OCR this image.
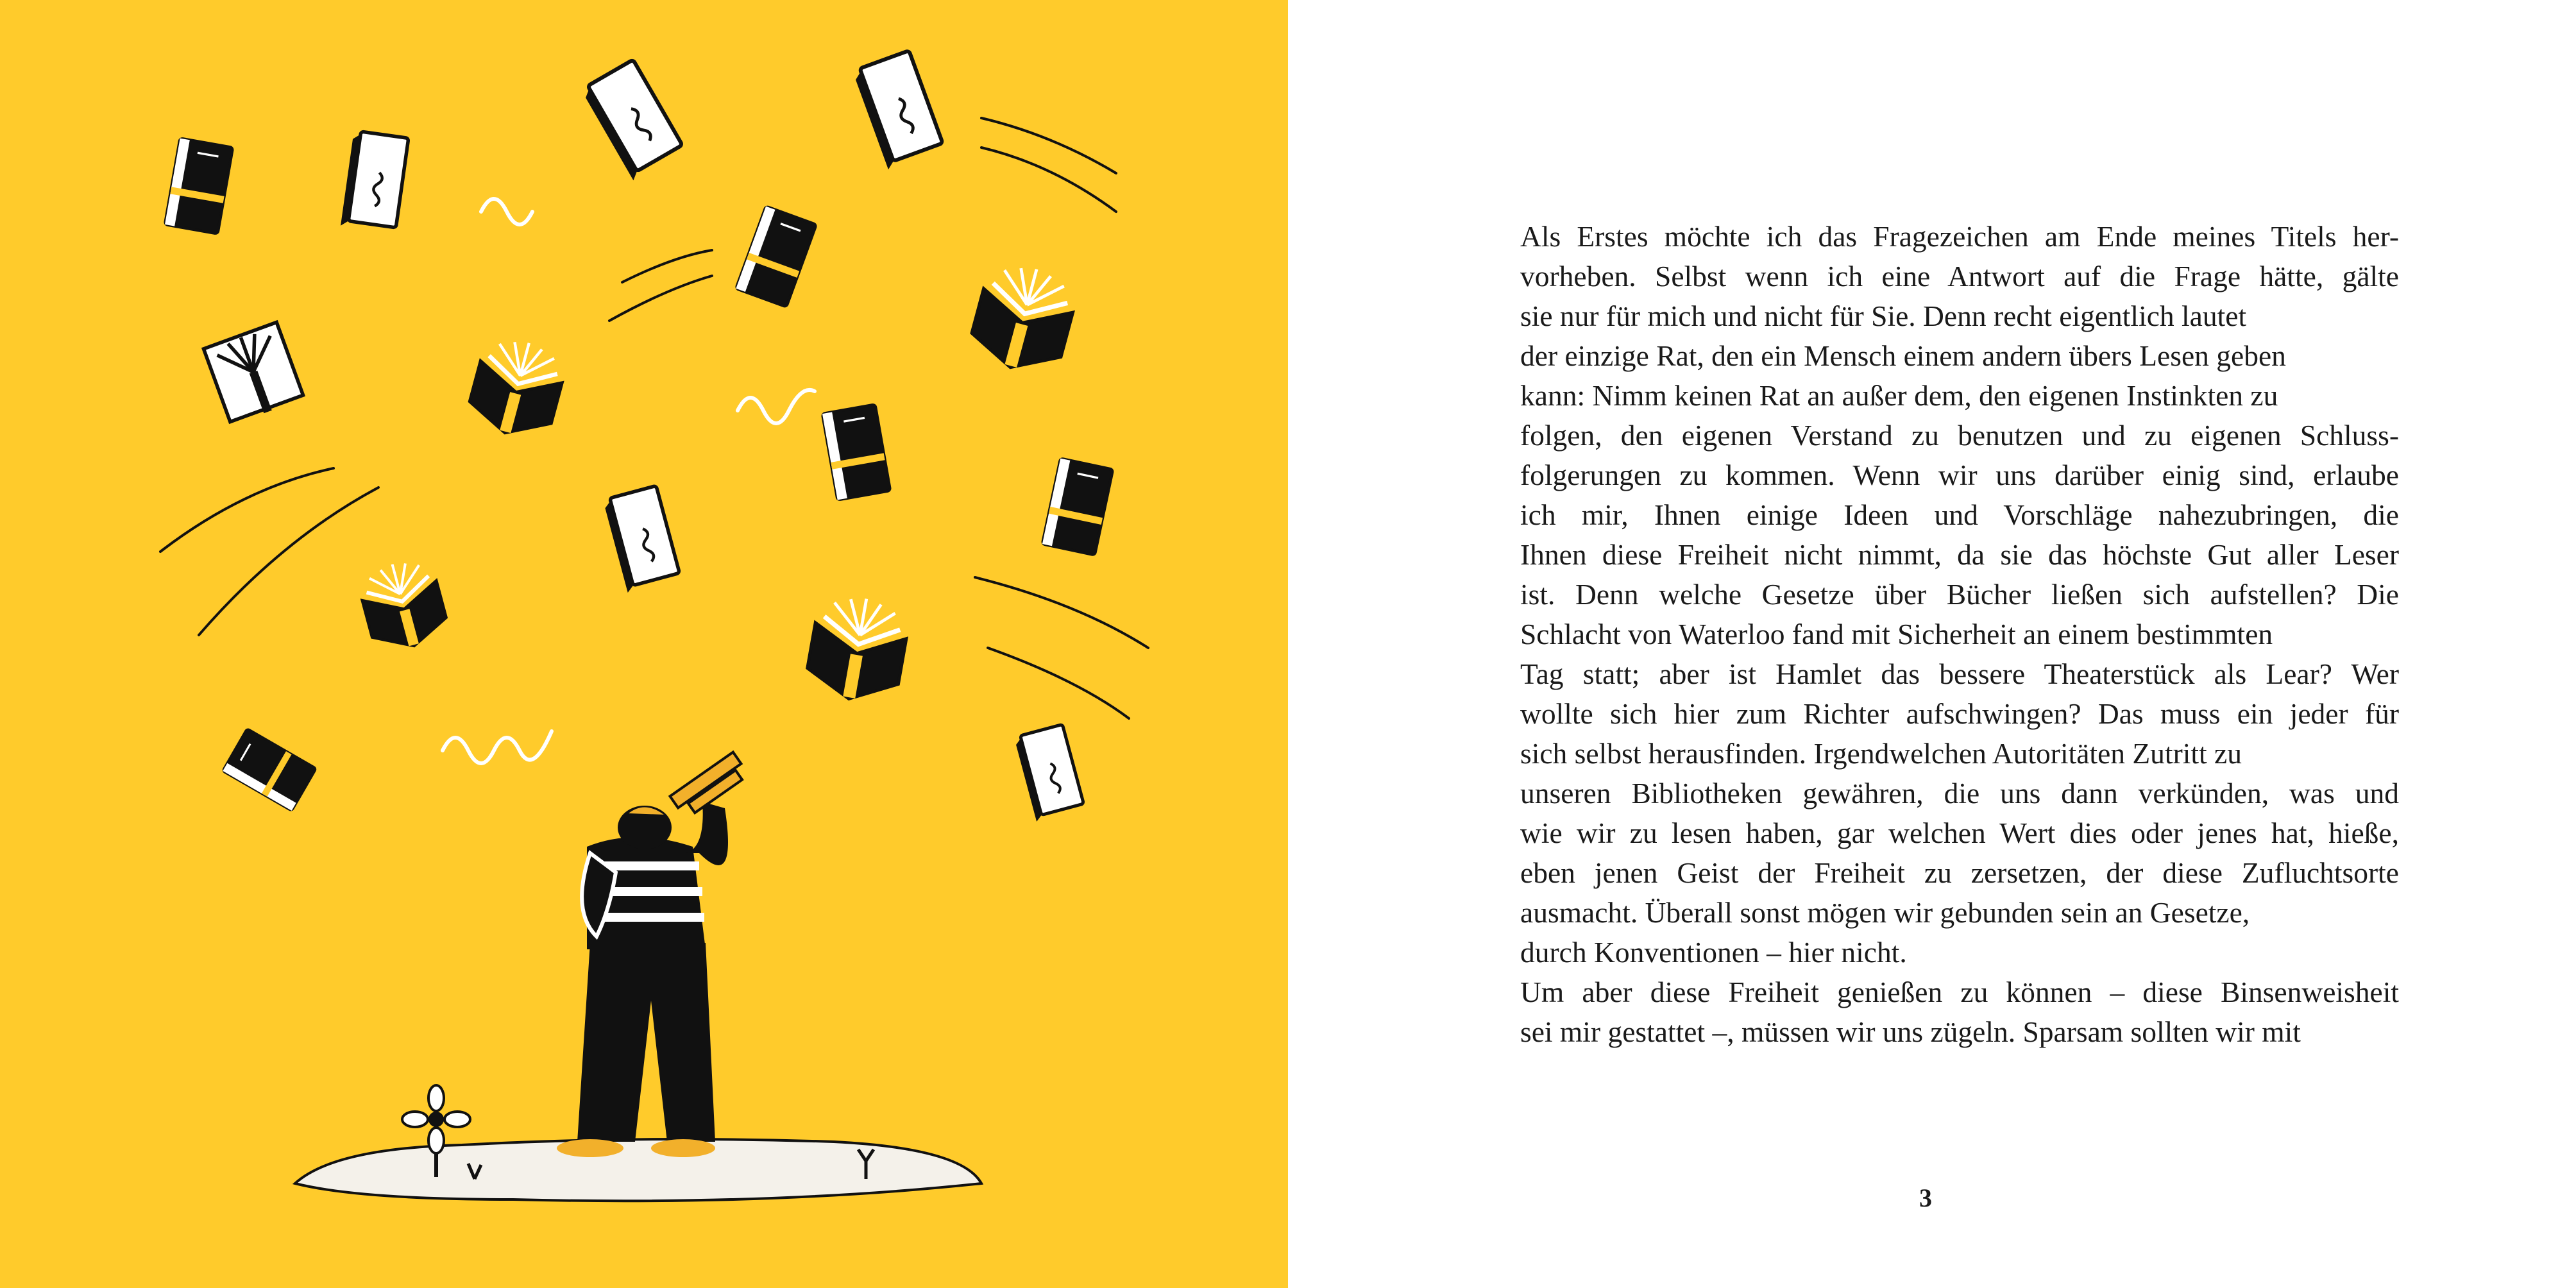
Als Erstes möchte ich das Fragezeichen am Ende meines Titels her-
vorheben. Selbst wenn ich eine Antwort auf die Frage hätte, gälte
sie nur für mich und nicht für Sie. Denn recht eigentlich lautet
der einzige Rat, den ein Mensch einem andern übers Lesen geben
kann: Nimm keinen Rat an außer dem, den eigenen Instinkten zu
folgen, den eigenen Verstand zu benutzen und zu eigenen Schluss-
folgerungen zu kommen. Wenn wir uns darüber einig sind, erlaube
ich mir, Ihnen einige Ideen und Vorschläge nahezubringen, die
Ihnen diese Freiheit nicht nimmt, da sie das höchste Gut aller Leser
ist. Denn welche Gesetze über Bücher ließen sich aufstellen? Die
Schlacht von Waterloo fand mit Sicherheit an einem bestimmten
Tag statt; aber ist Hamlet das bessere Theaterstück als Lear? Wer
wollte sich hier zum Richter aufschwingen? Das muss ein jeder für
sich selbst herausfinden. Irgendwelchen Autoritäten Zutritt zu
unseren Bibliotheken gewähren, die uns dann verkünden, was und
wie wir zu lesen haben, gar welchen Wert dies oder jenes hat, hieße,
eben jenen Geist der Freiheit zu zersetzen, der diese Zufluchtsorte
ausmacht. Überall sonst mögen wir gebunden sein an Gesetze,
durch Konventionen – hier nicht.
Um aber diese Freiheit genießen zu können – diese Binsenweisheit
sei mir gestattet –, müssen wir uns zügeln. Sparsam sollten wir mit
3
